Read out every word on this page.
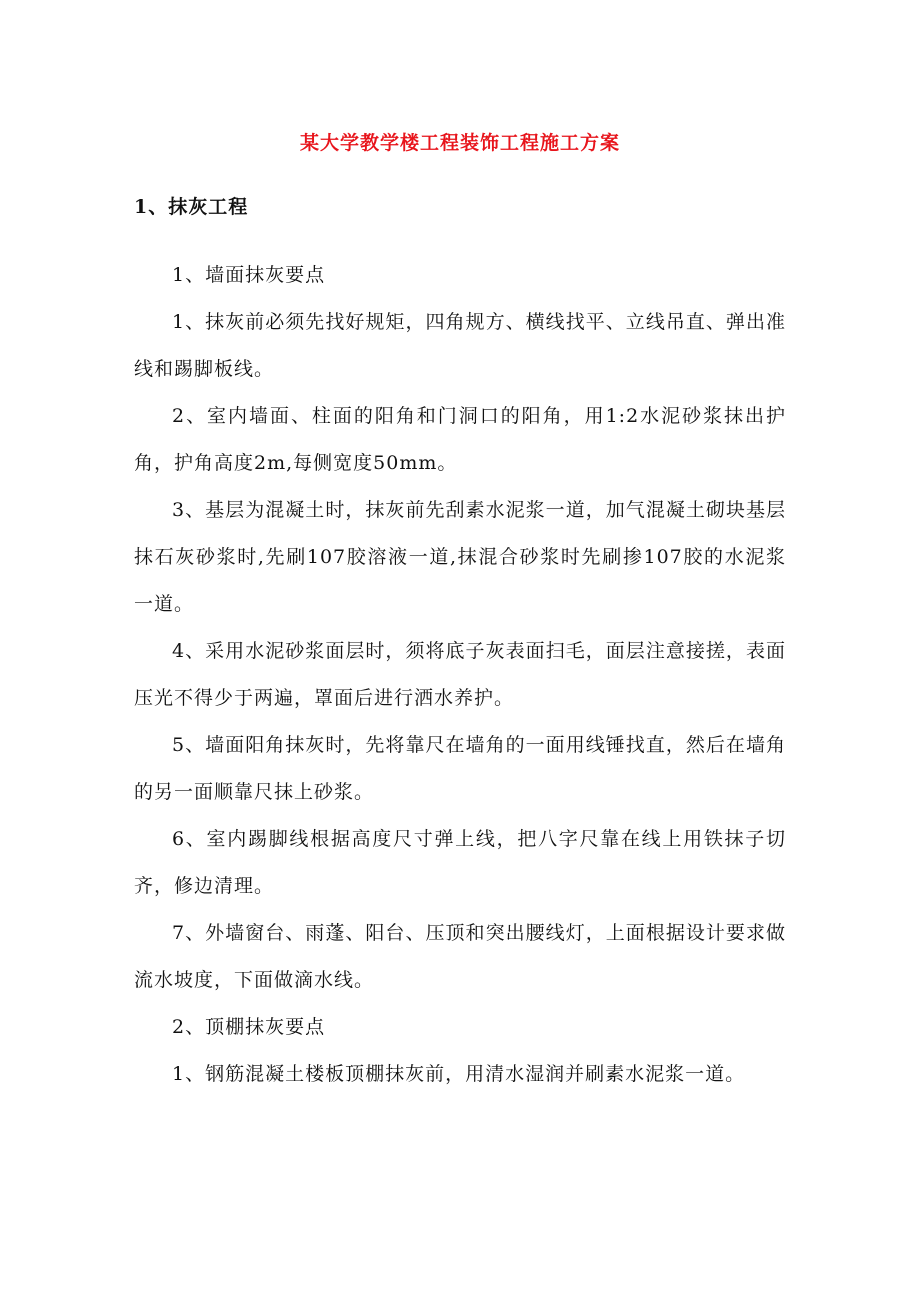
某大学教学楼工程装饰工程施工方案
1、抹灰工程

1、墙面抹灰要点

1、抹灰前必须先找好规矩，四角规方、横线找平、立线吊直、弹出准线和踢脚板线。

2、室内墙面、柱面的阳角和门洞口的阳角，用1:2水泥砂浆抹出护角，护角高度2m,每侧宽度50mm。

3、基层为混凝土时，抹灰前先刮素水泥浆一道，加气混凝土砌块基层抹石灰砂浆时,先刷107胶溶液一道,抹混合砂浆时先刷掺107胶的水泥浆一道。

4、采用水泥砂浆面层时，须将底子灰表面扫毛，面层注意接搓，表面压光不得少于两遍，罩面后进行洒水养护。

5、墙面阳角抹灰时，先将靠尺在墙角的一面用线锤找直，然后在墙角的另一面顺靠尺抹上砂浆。

6、室内踢脚线根据高度尺寸弹上线，把八字尺靠在线上用铁抹子切齐，修边清理。

7、外墙窗台、雨蓬、阳台、压顶和突出腰线灯，上面根据设计要求做流水坡度，下面做滴水线。

2、顶棚抹灰要点

1、钢筋混凝土楼板顶棚抹灰前，用清水湿润并刷素水泥浆一道。
